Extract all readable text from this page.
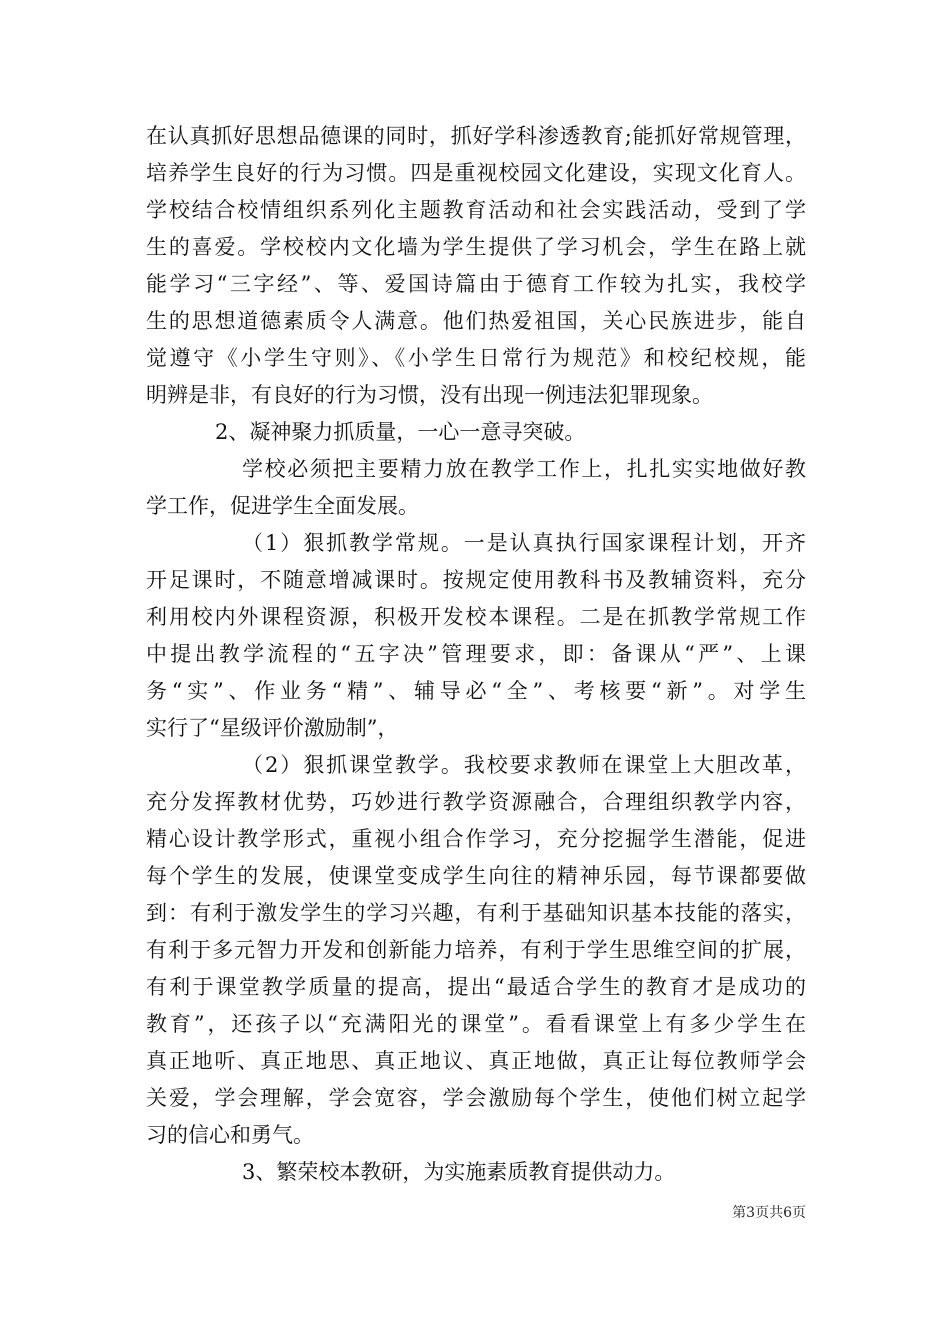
在认真抓好思想品德课的同时，抓好学科渗透教育;能抓好常规管理，
培养学生良好的行为习惯。四是重视校园文化建设，实现文化育人。
学校结合校情组织系列化主题教育活动和社会实践活动，受到了学
生的喜爱。学校校内文化墙为学生提供了学习机会，学生在路上就
能学习“三字经”、等、爱国诗篇由于德育工作较为扎实，我校学
生的思想道德素质令人满意。他们热爱祖国，关心民族进步，能自
觉遵守《小学生守则》、《小学生日常行为规范》和校纪校规，能
明辨是非，有良好的行为习惯，没有出现一例违法犯罪现象。
2、凝神聚力抓质量，一心一意寻突破。
学校必须把主要精力放在教学工作上，扎扎实实地做好教
学工作，促进学生全面发展。
（1）狠抓教学常规。一是认真执行国家课程计划，开齐
开足课时，不随意增减课时。按规定使用教科书及教辅资料，充分
利用校内外课程资源，积极开发校本课程。二是在抓教学常规工作
中提出教学流程的“五字决”管理要求，即：备课从“严”、上课
务“实”、作业务“精”、辅导必“全”、考核要“新”。对学生
实行了“星级评价激励制”，
（2）狠抓课堂教学。我校要求教师在课堂上大胆改革，
充分发挥教材优势，巧妙进行教学资源融合，合理组织教学内容，
精心设计教学形式，重视小组合作学习，充分挖掘学生潜能，促进
每个学生的发展，使课堂变成学生向往的精神乐园，每节课都要做
到：有利于激发学生的学习兴趣，有利于基础知识基本技能的落实，
有利于多元智力开发和创新能力培养，有利于学生思维空间的扩展，
有利于课堂教学质量的提高，提出“最适合学生的教育才是成功的
教育”，还孩子以“充满阳光的课堂”。看看课堂上有多少学生在
真正地听、真正地思、真正地议、真正地做，真正让每位教师学会
关爱，学会理解，学会宽容，学会激励每个学生，使他们树立起学
习的信心和勇气。
3、繁荣校本教研，为实施素质教育提供动力。
第3页共6页
